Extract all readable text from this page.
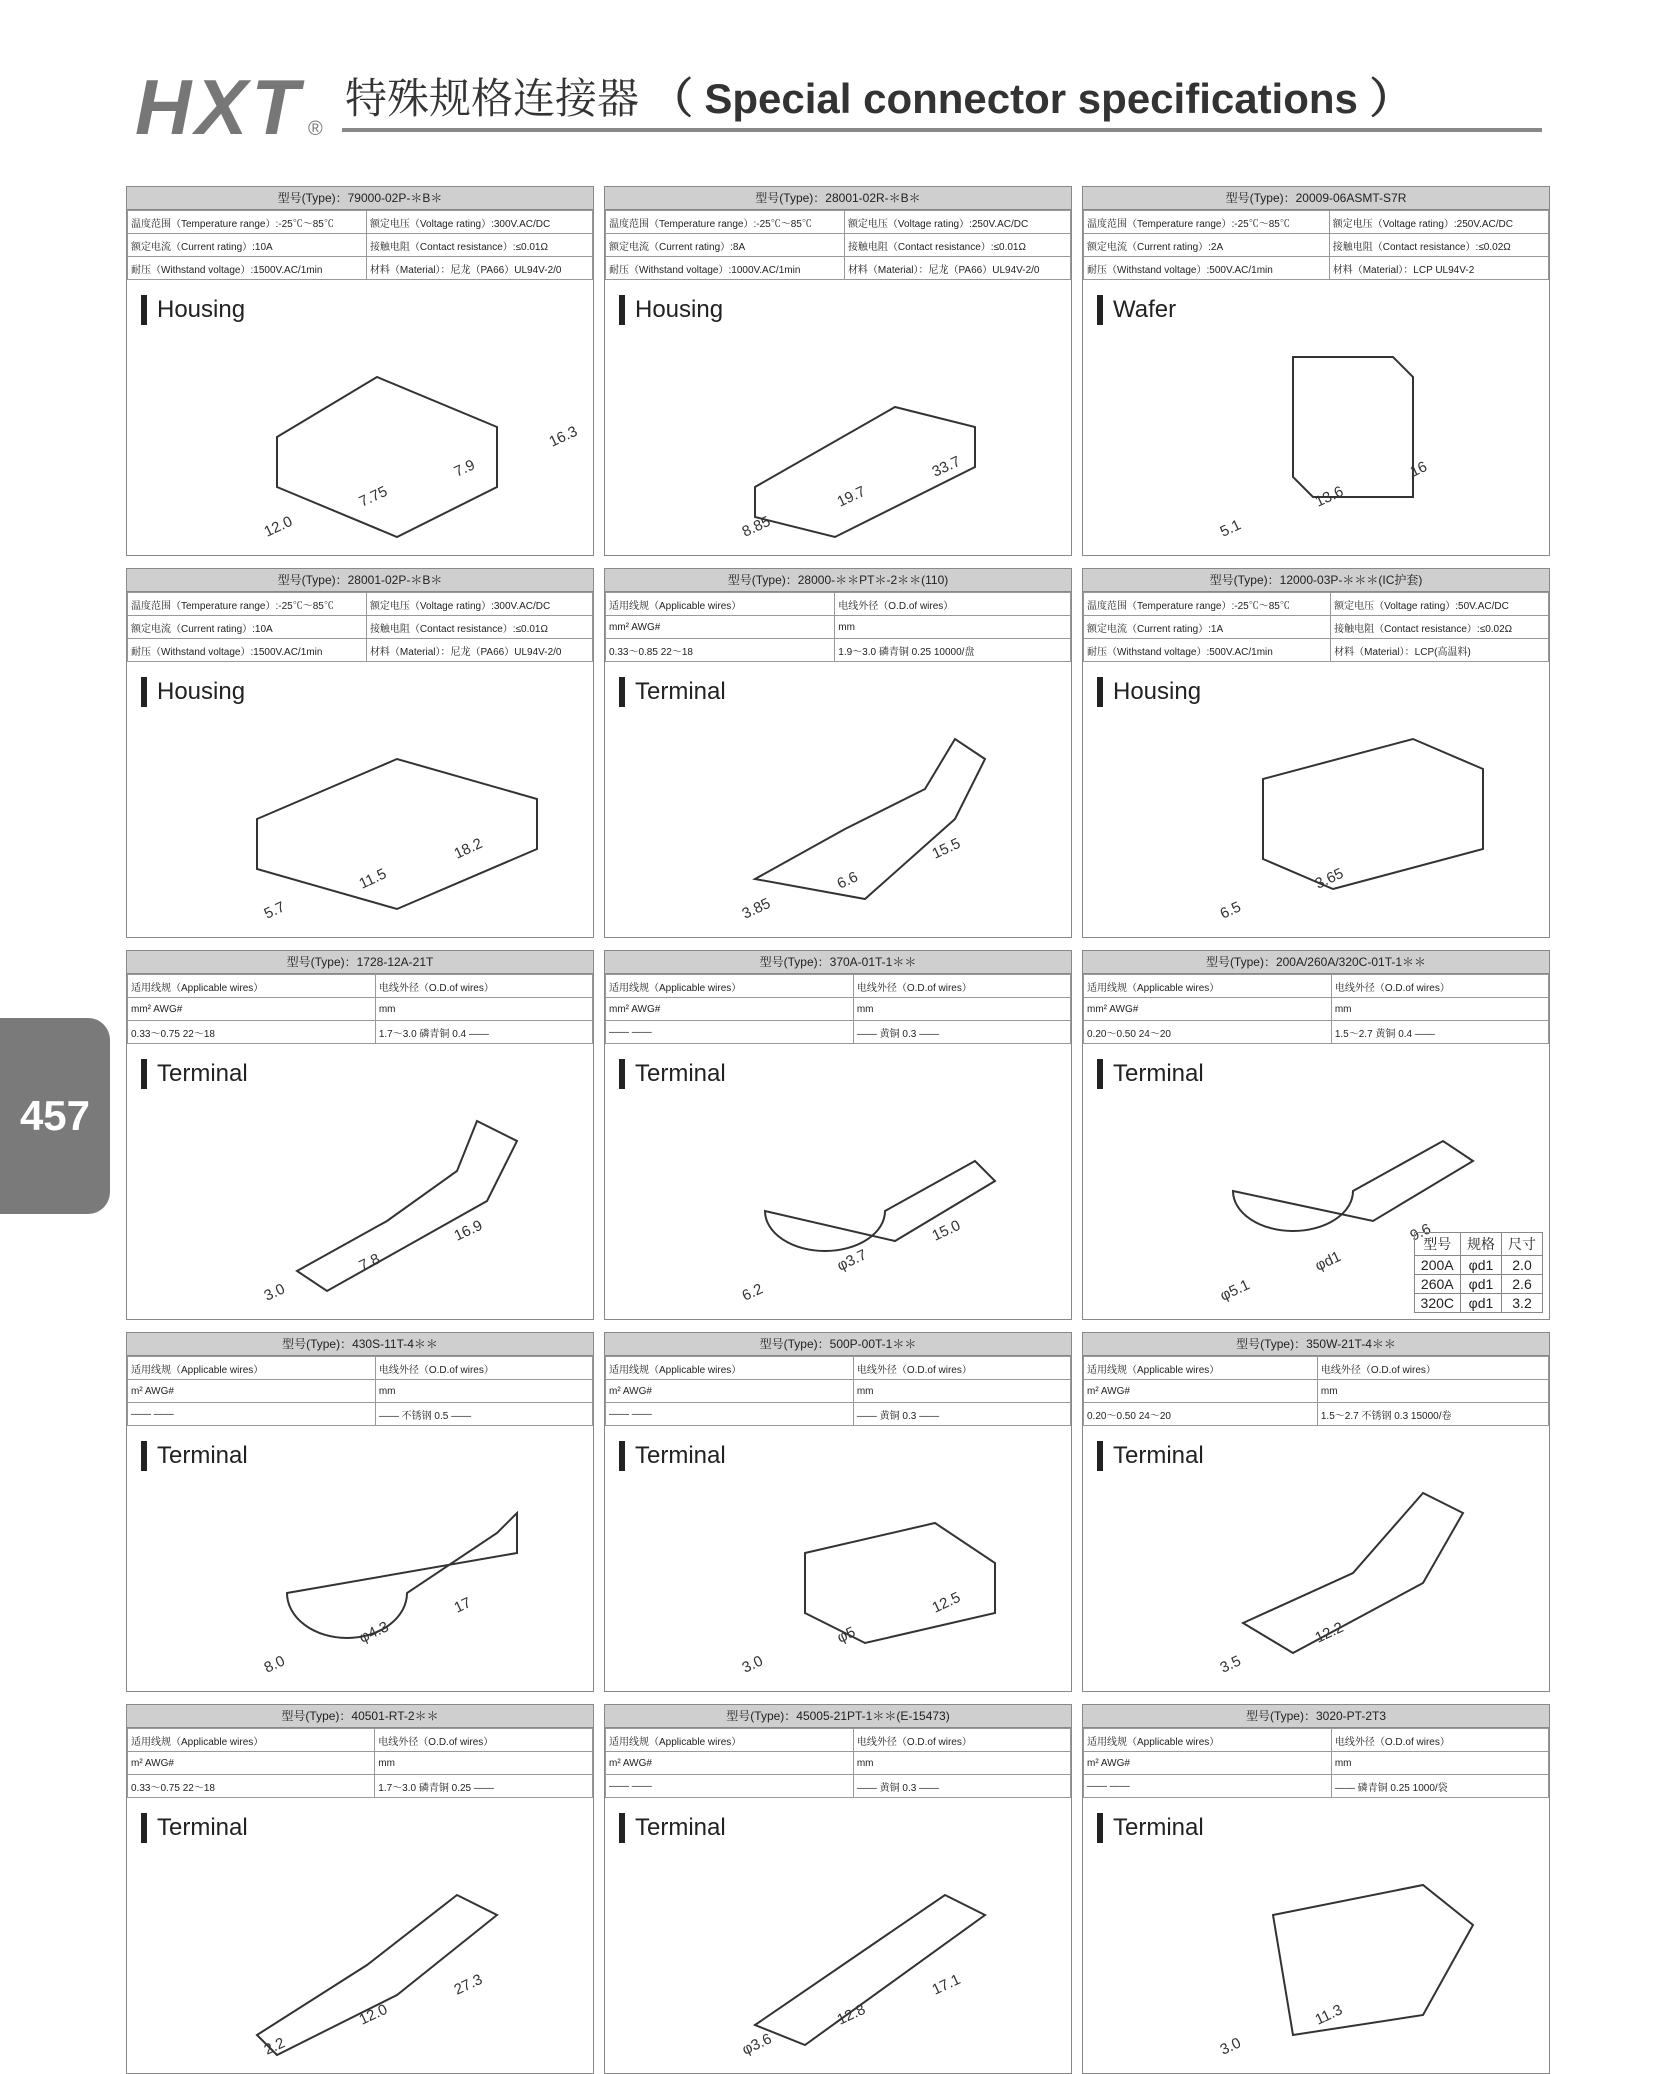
HXT ®
特殊规格连接器 （ Special connector specifications ）
457
型号(Type)：79000-02P-＊B＊
温度范围（Temperature range）:-25℃～85℃	额定电压（Voltage rating）:300V.AC/DC
额定电流（Current rating）:10A	接触电阻（Contact resistance）:≤0.01Ω
耐压（Withstand voltage）:1500V.AC/1min	材料（Material）：尼龙（PA66）UL94V-2/0
Housing
12.0
7.75
7.9
16.3
型号(Type)：28001-02R-＊B＊
温度范围（Temperature range）:-25℃～85℃	额定电压（Voltage rating）:250V.AC/DC
额定电流（Current rating）:8A	接触电阻（Contact resistance）:≤0.01Ω
耐压（Withstand voltage）:1000V.AC/1min	材料（Material）：尼龙（PA66）UL94V-2/0
Housing
8.85
19.7
33.7
型号(Type)：20009-06ASMT-S7R
温度范围（Temperature range）:-25℃～85℃	额定电压（Voltage rating）:250V.AC/DC
额定电流（Current rating）:2A	接触电阻（Contact resistance）:≤0.02Ω
耐压（Withstand voltage）:500V.AC/1min	材料（Material）：LCP UL94V-2
Wafer
5.1
13.6
16
型号(Type)：28001-02P-＊B＊
温度范围（Temperature range）:-25℃～85℃	额定电压（Voltage rating）:300V.AC/DC
额定电流（Current rating）:10A	接触电阻（Contact resistance）:≤0.01Ω
耐压（Withstand voltage）:1500V.AC/1min	材料（Material）：尼龙（PA66）UL94V-2/0
Housing
5.7
11.5
18.2
型号(Type)：28000-＊＊PT＊-2＊＊(110)
适用线规（Applicable wires）	电线外径（O.D.of wires）
mm² AWG#	mm
0.33～0.85 22～18	1.9～3.0 磷青铜 0.25 10000/盘
Terminal
3.85
6.6
15.5
型号(Type)：12000-03P-＊＊＊(IC护套)
温度范围（Temperature range）:-25℃～85℃	额定电压（Voltage rating）:50V.AC/DC
额定电流（Current rating）:1A	接触电阻（Contact resistance）:≤0.02Ω
耐压（Withstand voltage）:500V.AC/1min	材料（Material）：LCP(高温料)
Housing
6.5
3.65
型号(Type)：1728-12A-21T
适用线规（Applicable wires）	电线外径（O.D.of wires）
mm² AWG#	mm
0.33～0.75 22～18	1.7～3.0 磷青铜 0.4 ——
Terminal
3.0
7.8
16.9
型号(Type)：370A-01T-1＊＊
适用线规（Applicable wires）	电线外径（O.D.of wires）
mm² AWG#	mm
—— ——	—— 黄铜 0.3 ——
Terminal
6.2
φ3.7
15.0
型号(Type)：200A/260A/320C-01T-1＊＊
适用线规（Applicable wires）	电线外径（O.D.of wires）
mm² AWG#	mm
0.20～0.50 24～20	1.5～2.7 黄铜 0.4 ——
Terminal
φ5.1
φd1
9.6
型号	规格	尺寸
200A	φd1	2.0
260A	φd1	2.6
320C	φd1	3.2
型号(Type)：430S-11T-4＊＊
适用线规（Applicable wires）	电线外径（O.D.of wires）
m² AWG#	mm
—— ——	—— 不锈钢 0.5 ——
Terminal
8.0
φ4.3
17
型号(Type)：500P-00T-1＊＊
适用线规（Applicable wires）	电线外径（O.D.of wires）
m² AWG#	mm
—— ——	—— 黄铜 0.3 ——
Terminal
3.0
φ5
12.5
型号(Type)：350W-21T-4＊＊
适用线规（Applicable wires）	电线外径（O.D.of wires）
m² AWG#	mm
0.20～0.50 24～20	1.5～2.7 不锈钢 0.3 15000/卷
Terminal
3.5
12.2
型号(Type)：40501-RT-2＊＊
适用线规（Applicable wires）	电线外径（O.D.of wires）
m² AWG#	mm
0.33～0.75 22～18	1.7～3.0 磷青铜 0.25 ——
Terminal
2.2
12.0
27.3
型号(Type)：45005-21PT-1＊＊(E-15473)
适用线规（Applicable wires）	电线外径（O.D.of wires）
m² AWG#	mm
—— ——	—— 黄铜 0.3 ——
Terminal
φ3.6
12.8
17.1
型号(Type)：3020-PT-2T3
适用线规（Applicable wires）	电线外径（O.D.of wires）
m² AWG#	mm
—— ——	—— 磷青铜 0.25 1000/袋
Terminal
3.0
11.3
